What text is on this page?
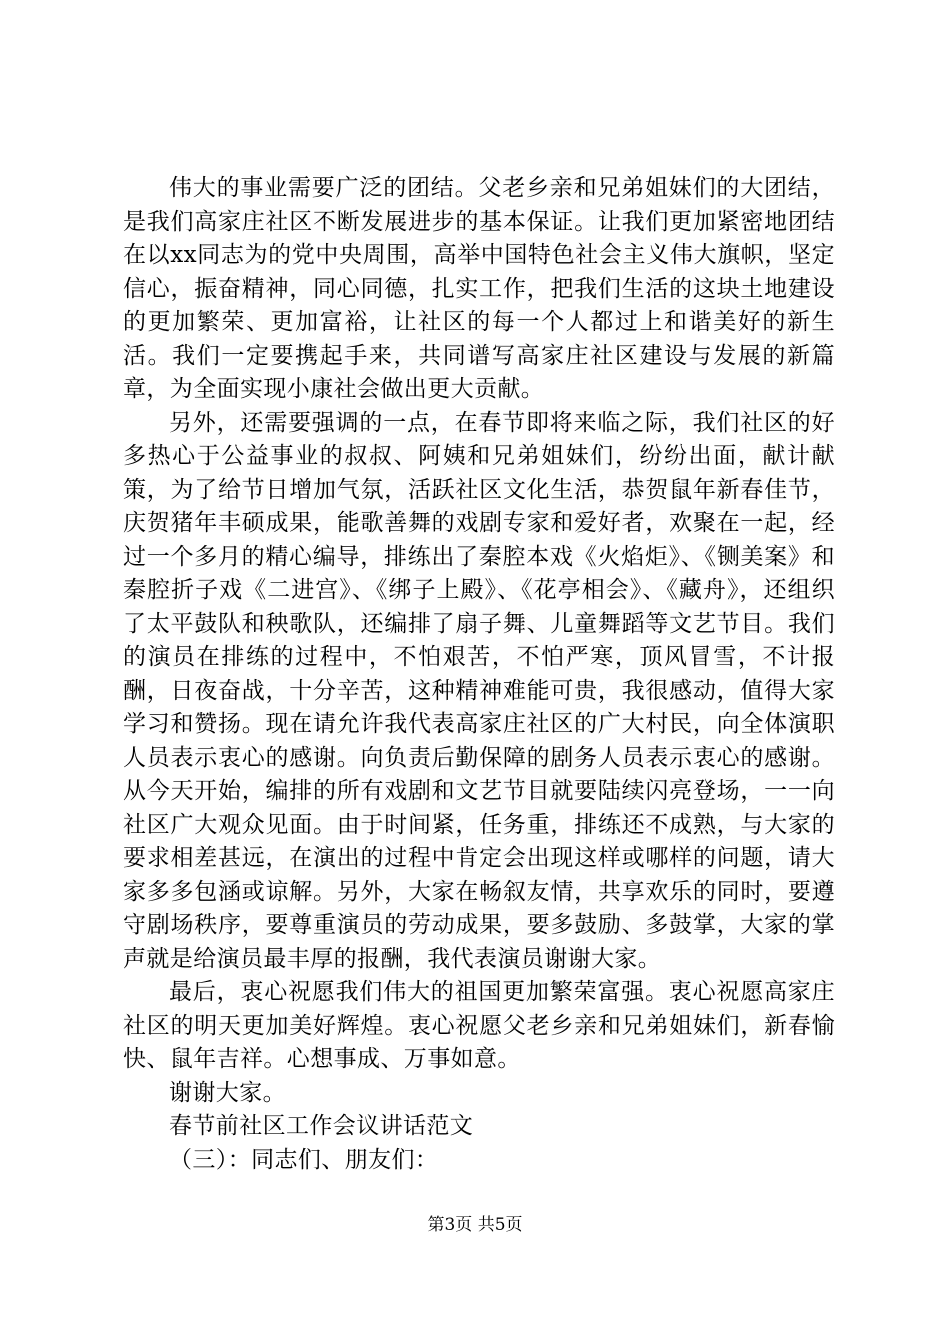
伟大的事业需要广泛的团结。父老乡亲和兄弟姐妹们的大团结，是我们高家庄社区不断发展进步的基本保证。让我们更加紧密地团结在以xx同志为的党中央周围，高举中国特色社会主义伟大旗帜，坚定信心，振奋精神，同心同德，扎实工作，把我们生活的这块土地建设的更加繁荣、更加富裕，让社区的每一个人都过上和谐美好的新生活。我们一定要携起手来，共同谱写高家庄社区建设与发展的新篇章，为全面实现小康社会做出更大贡献。

另外，还需要强调的一点，在春节即将来临之际，我们社区的好多热心于公益事业的叔叔、阿姨和兄弟姐妹们，纷纷出面，献计献策，为了给节日增加气氛，活跃社区文化生活，恭贺鼠年新春佳节，庆贺猪年丰硕成果，能歌善舞的戏剧专家和爱好者，欢聚在一起，经过一个多月的精心编导，排练出了秦腔本戏《火焰炬》、《铡美案》和秦腔折子戏《二进宫》、《绑子上殿》、《花亭相会》、《藏舟》，还组织了太平鼓队和秧歌队，还编排了扇子舞、儿童舞蹈等文艺节目。我们的演员在排练的过程中，不怕艰苦，不怕严寒，顶风冒雪，不计报酬，日夜奋战，十分辛苦，这种精神难能可贵，我很感动，值得大家学习和赞扬。现在请允许我代表高家庄社区的广大村民，向全体演职人员表示衷心的感谢。向负责后勤保障的剧务人员表示衷心的感谢。从今天开始，编排的所有戏剧和文艺节目就要陆续闪亮登场，一一向社区广大观众见面。由于时间紧，任务重，排练还不成熟，与大家的要求相差甚远，在演出的过程中肯定会出现这样或哪样的问题，请大家多多包涵或谅解。另外，大家在畅叙友情，共享欢乐的同时，要遵守剧场秩序，要尊重演员的劳动成果，要多鼓励、多鼓掌，大家的掌声就是给演员最丰厚的报酬，我代表演员谢谢大家。

最后，衷心祝愿我们伟大的祖国更加繁荣富强。衷心祝愿高家庄社区的明天更加美好辉煌。衷心祝愿父老乡亲和兄弟姐妹们，新春愉快、鼠年吉祥。心想事成、万事如意。

谢谢大家。

春节前社区工作会议讲话范文

（三）：同志们、朋友们：

第3页 共5页
